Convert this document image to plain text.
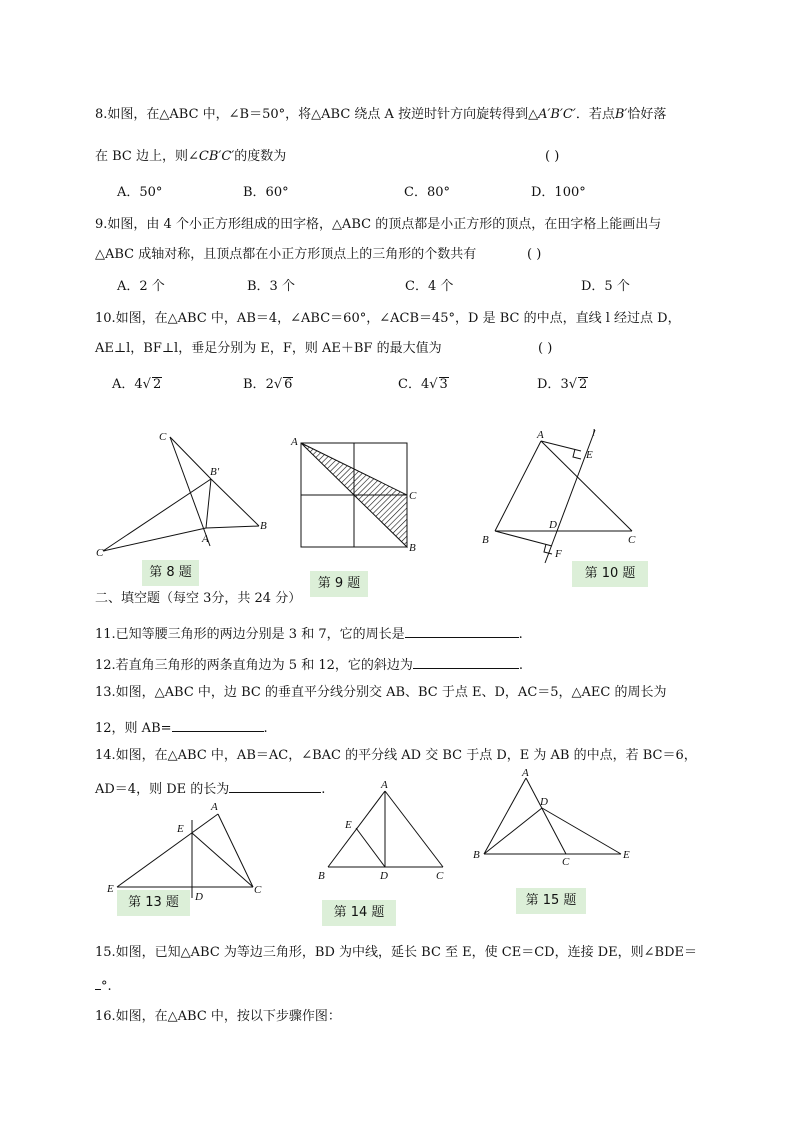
8.如图，在△ABC 中，∠B＝50°，将△ABC 绕点 A 按逆时针方向旋转得到△A′B′C′．若点B′恰好落
在 BC 边上，则∠CB′C′的度数为	( )
A．50°	B．60°	C．80°	D．100°
9.如图，由 4 个小正方形组成的田字格，△ABC 的顶点都是小正方形的顶点，在田字格上能画出与
△ABC 成轴对称，且顶点都在小正方形顶点上的三角形的个数共有	( )
A．2 个	B．3 个	C．4 个	D．5 个
10.如图，在△ABC 中，AB＝4，∠ABC＝60°，∠ACB＝45°，D 是 BC 的中点，直线 l 经过点 D，
AE⊥l，BF⊥l，垂足分别为 E，F，则 AE＋BF 的最大值为	( )
A．4√ 2	B．2√ 6	C．4√ 3	D．3√ 2
C
B′
A
B
C′
第 8 题
A
C
B
第 9 题
A	l
E
D
B	C
F
第 10 题
二、填空题（每空 3分，共 24 分）
11.已知等腰三角形的两边分别是 3 和 7，它的周长是	.
12.若直角三角形的两条直角边为 5 和 12，它的斜边为	.
13.如图，△ABC 中，边 BC 的垂直平分线分别交 AB、BC 于点 E、D，AC＝5，△AEC 的周长为
12，则 AB=	.
14.如图，在△ABC 中，AB＝AC，∠BAC 的平分线 AD 交 BC 于点 D，E 为 AB 的中点，若 BC＝6，
AD＝4，则 DE 的长为	.
A
E
E
D
C
第 13 题
A
E
B	D	C
第 14 题
A
D
B
C
E
第 15 题
15.如图，已知△ABC 为等边三角形，BD 为中线，延长 BC 至 E，使 CE＝CD，连接 DE，则∠BDE＝
°.
16.如图，在△ABC 中，按以下步骤作图：
